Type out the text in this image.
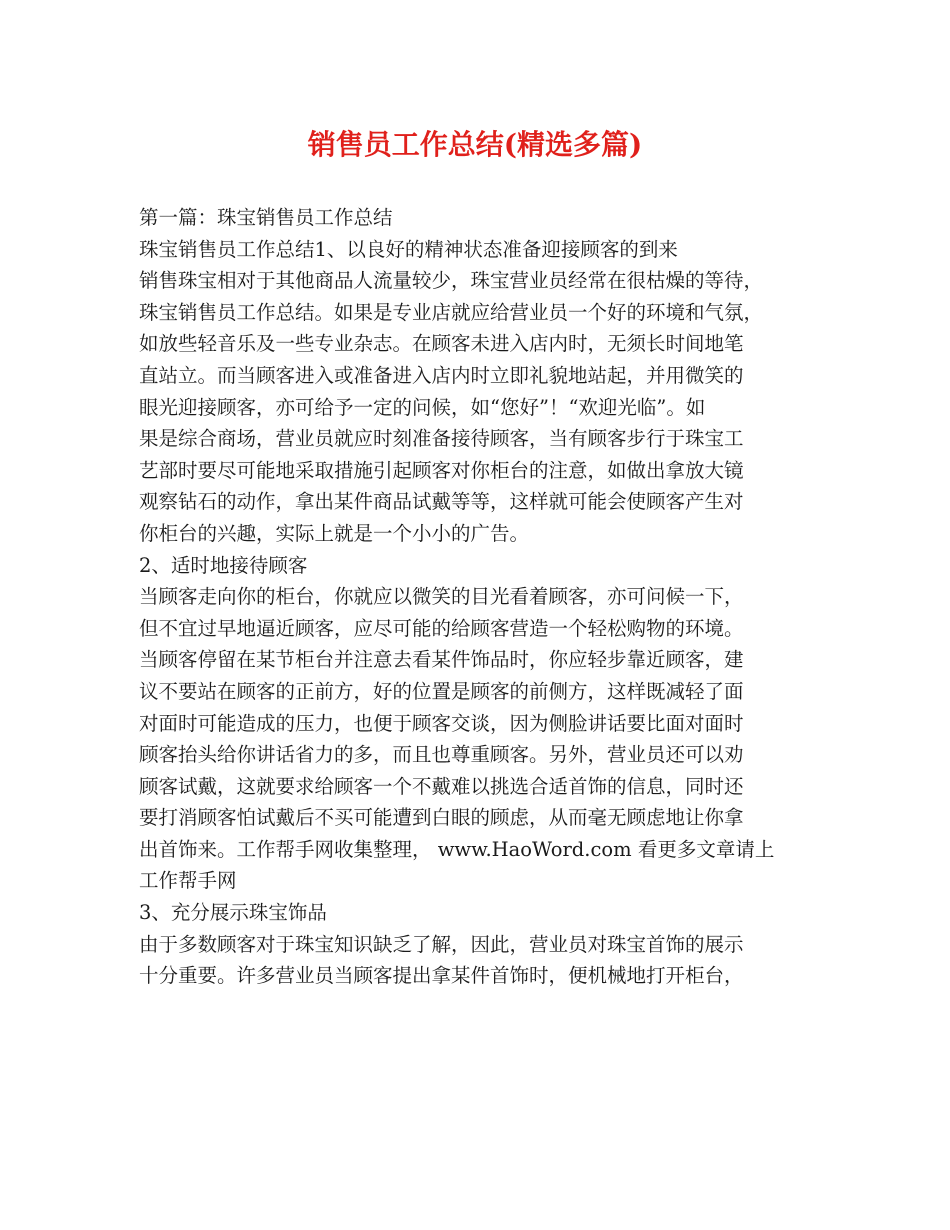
销售员工作总结(精选多篇)

第一篇：珠宝销售员工作总结

珠宝销售员工作总结1、以良好的精神状态准备迎接顾客的到来

销售珠宝相对于其他商品人流量较少，珠宝营业员经常在很枯燥的等待，

珠宝销售员工作总结。如果是专业店就应给营业员一个好的环境和气氛，

如放些轻音乐及一些专业杂志。在顾客未进入店内时，无须长时间地笔

直站立。而当顾客进入或准备进入店内时立即礼貌地站起，并用微笑的

眼光迎接顾客，亦可给予一定的问候，如“您好”！“欢迎光临”。如

果是综合商场，营业员就应时刻准备接待顾客，当有顾客步行于珠宝工

艺部时要尽可能地采取措施引起顾客对你柜台的注意，如做出拿放大镜

观察钻石的动作，拿出某件商品试戴等等，这样就可能会使顾客产生对

你柜台的兴趣，实际上就是一个小小的广告。

2、适时地接待顾客

当顾客走向你的柜台，你就应以微笑的目光看着顾客，亦可问候一下，

但不宜过早地逼近顾客，应尽可能的给顾客营造一个轻松购物的环境。

当顾客停留在某节柜台并注意去看某件饰品时，你应轻步靠近顾客，建

议不要站在顾客的正前方，好的位置是顾客的前侧方，这样既减轻了面

对面时可能造成的压力，也便于顾客交谈，因为侧脸讲话要比面对面时

顾客抬头给你讲话省力的多，而且也尊重顾客。另外，营业员还可以劝

顾客试戴，这就要求给顾客一个不戴难以挑选合适首饰的信息，同时还

要打消顾客怕试戴后不买可能遭到白眼的顾虑，从而毫无顾虑地让你拿

出首饰来。工作帮手网收集整理， www.HaoWord.com 看更多文章请上

工作帮手网

3、充分展示珠宝饰品

由于多数顾客对于珠宝知识缺乏了解，因此，营业员对珠宝首饰的展示

十分重要。许多营业员当顾客提出拿某件首饰时，便机械地打开柜台，
